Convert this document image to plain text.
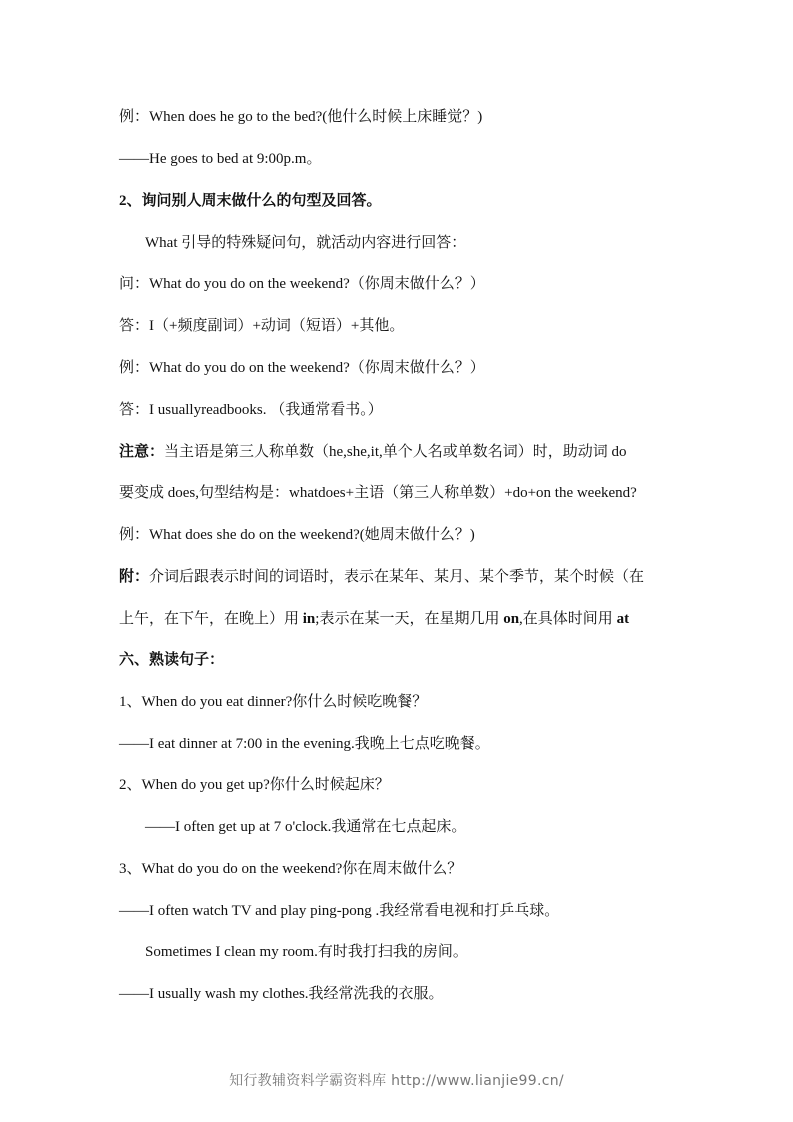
例：When does he go to the bed?(他什么时候上床睡觉？)
——He goes to bed at 9:00p.m。
2、询问别人周末做什么的句型及回答。
What 引导的特殊疑问句，就活动内容进行回答：
问：What do you do on the weekend?（你周末做什么？）
答：I（+频度副词）+动词（短语）+其他。
例：What do you do on the weekend?（你周末做什么？）
答：I usuallyreadbooks. （我通常看书。）
注意：当主语是第三人称单数（he,she,it,单个人名或单数名词）时，助动词 do
要变成 does,句型结构是：whatdoes+主语（第三人称单数）+do+on the weekend?
例：What does she do on the weekend?(她周末做什么？)
附：介词后跟表示时间的词语时，表示在某年、某月、某个季节，某个时候（在
上午，在下午，在晚上）用 in;表示在某一天，在星期几用 on,在具体时间用 at
六、熟读句子：
1、When do you eat dinner?你什么时候吃晚餐？
——I eat dinner at 7:00 in the evening.我晚上七点吃晚餐。
2、When do you get up?你什么时候起床？
——I often get up at 7 o'clock.我通常在七点起床。
3、What do you do on the weekend?你在周末做什么？
——I often watch TV and play ping-pong .我经常看电视和打乒乓球。
Sometimes I clean my room.有时我打扫我的房间。
——I usually wash my clothes.我经常洗我的衣服。
知行教辅资料学霸资料库 http://www.lianjie99.cn/
